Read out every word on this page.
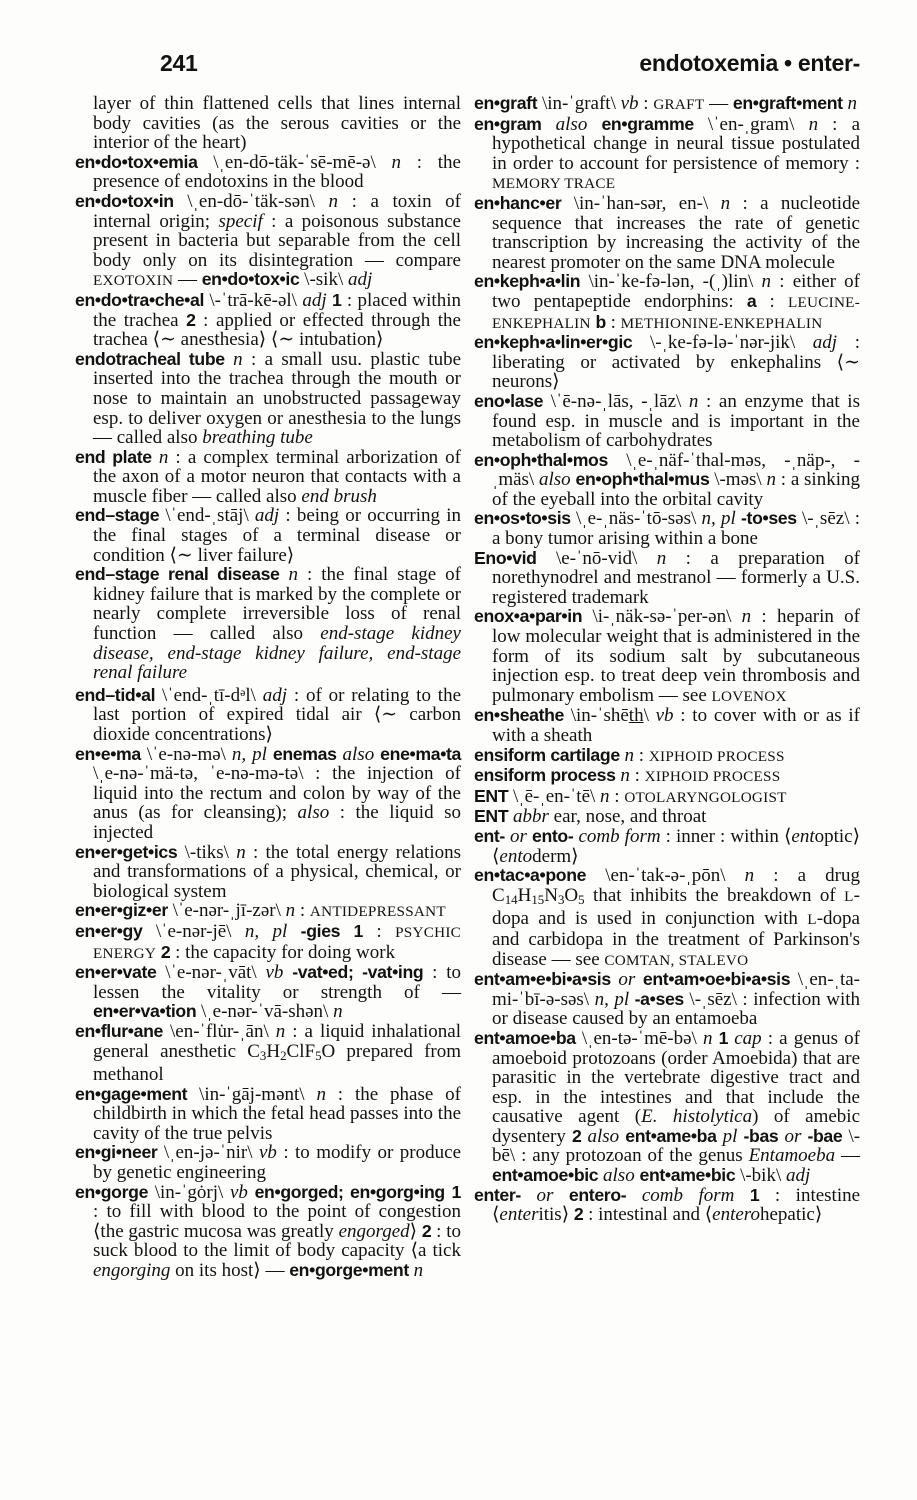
241	endotoxemia • enter-

layer of thin flattened cells that lines internal body cavities (as the serous cavities or the interior of the heart)

en•do•tox•emia \ˌen-dō-täk-ˈsē-mē-ə\ n : the presence of endotoxins in the blood

en•do•tox•in \ˌen-dō-ˈtäk-sən\ n : a toxin of internal origin; specif : a poisonous substance present in bacteria but separable from the cell body only on its disintegration — compare EXOTOXIN — en•do•tox•ic \-sik\ adj

en•do•tra•che•al \-ˈtrā-kē-əl\ adj 1 : placed within the trachea 2 : applied or effected through the trachea ⟨∼ anesthesia⟩ ⟨∼ intubation⟩

endotracheal tube n : a small usu. plastic tube inserted into the trachea through the mouth or nose to maintain an unobstructed passageway esp. to deliver oxygen or anesthesia to the lungs — called also breathing tube

end plate n : a complex terminal arborization of the axon of a motor neuron that contacts with a muscle fiber — called also end brush

end–stage \ˈend-ˌstāj\ adj : being or occurring in the final stages of a terminal disease or condition ⟨∼ liver failure⟩

end–stage renal disease n : the final stage of kidney failure that is marked by the complete or nearly complete irreversible loss of renal function — called also end-stage kidney disease, end-stage kidney failure, end-stage renal failure

end–tid•al $\backslash ˈend-ˌtī-d^əl\backslash$ adj : of or relating to the last portion of expired tidal air ⟨∼ carbon dioxide concentrations⟩

en•e•ma \ˈe-nə-mə\ n, pl enemas also ene•ma•ta \ˌe-nə-ˈmä-tə, ˈe-nə-mə-tə\ : the injection of liquid into the rectum and colon by way of the anus (as for cleansing); also : the liquid so injected

en•er•get•ics \-tiks\ n : the total energy relations and transformations of a physical, chemical, or biological system

en•er•giz•er \ˈe-nər-ˌjī-zər\ n : ANTIDEPRESSANT

en•er•gy \ˈe-nər-jē\ n, pl -gies 1 : PSYCHIC ENERGY 2 : the capacity for doing work

en•er•vate \ˈe-nər-ˌvāt\ vb -vat•ed; -vat•ing : to lessen the vitality or strength of — en•er•va•tion \ˌe-nər-ˈvā-shən\ n

en•flur•ane \en-ˈflu̇r-ˌān\ n : a liquid inhalational general anesthetic C3H2ClF5O prepared from methanol

en•gage•ment \in-ˈgāj-mənt\ n : the phase of childbirth in which the fetal head passes into the cavity of the true pelvis

en•gi•neer \ˌen-jə-ˈnir\ vb : to modify or produce by genetic engineering

en•gorge \in-ˈgȯrj\ vb en•gorged; en•gorg•ing 1 : to fill with blood to the point of congestion ⟨the gastric mucosa was greatly engorged⟩ 2 : to suck blood to the limit of body capacity ⟨a tick engorging on its host⟩ — en•gorge•ment n

en•graft \in-ˈgraft\ vb : GRAFT — en•graft•ment n

en•gram also en•gramme \ˈen-ˌgram\ n : a hypothetical change in neural tissue postulated in order to account for persistence of memory : MEMORY TRACE

en•hanc•er \in-ˈhan-sər, en-\ n : a nucleotide sequence that increases the rate of genetic transcription by increasing the activity of the nearest promoter on the same DNA molecule

en•keph•a•lin \in-ˈke-fə-lən, -(ˌ)lin\ n : either of two pentapeptide endorphins: a : LEUCINE-ENKEPHALIN b : METHIONINE-ENKEPHALIN

en•keph•a•lin•er•gic \-ˌke-fə-lə-ˈnər-jik\ adj : liberating or activated by enkephalins ⟨∼ neurons⟩

eno•lase \ˈē-nə-ˌlās, -ˌlāz\ n : an enzyme that is found esp. in muscle and is important in the metabolism of carbohydrates

en•oph•thal•mos \ˌe-ˌnäf-ˈthal-məs, -ˌnäp-, -ˌmäs\ also en•oph•thal•mus \-məs\ n : a sinking of the eyeball into the orbital cavity

en•os•to•sis \ˌe-ˌnäs-ˈtō-səs\ n, pl -to•ses \-ˌsēz\ : a bony tumor arising within a bone

Eno•vid \e-ˈnō-vid\ n : a preparation of norethynodrel and mestranol — formerly a U.S. registered trademark

enox•a•par•in \i-ˌnäk-sə-ˈper-ən\ n : heparin of low molecular weight that is administered in the form of its sodium salt by subcutaneous injection esp. to treat deep vein thrombosis and pulmonary embolism — see LOVENOX

en•sheathe \in-ˈshēth\ vb : to cover with or as if with a sheath

ensiform cartilage n : XIPHOID PROCESS

ensiform process n : XIPHOID PROCESS

ENT \ˌē-ˌen-ˈtē\ n : OTOLARYNGOLOGIST

ENT abbr ear, nose, and throat

ent- or ento- comb form : inner : within ⟨entoptic⟩ ⟨entoderm⟩

en•tac•a•pone \en-ˈtak-ə-ˌpōn\ n : a drug C14H15N3O5 that inhibits the breakdown of L-dopa and is used in conjunction with L-dopa and carbidopa in the treatment of Parkinson's disease — see COMTAN, STALEVO

ent•am•e•bi•a•sis or ent•am•oe•bi•a•sis \ˌen-ˌta-mi-ˈbī-ə-səs\ n, pl -a•ses \-ˌsēz\ : infection with or disease caused by an entamoeba

ent•amoe•ba \ˌen-tə-ˈmē-bə\ n 1 cap : a genus of amoeboid protozoans (order Amoebida) that are parasitic in the vertebrate digestive tract and esp. in the intestines and that include the causative agent (E. histolytica) of amebic dysentery 2 also ent•ame•ba pl -bas or -bae \-bē\ : any protozoan of the genus Entamoeba — ent•amoe•bic also ent•ame•bic \-bik\ adj

enter- or entero- comb form 1 : intestine ⟨enteritis⟩ 2 : intestinal and ⟨enterohepatic⟩
